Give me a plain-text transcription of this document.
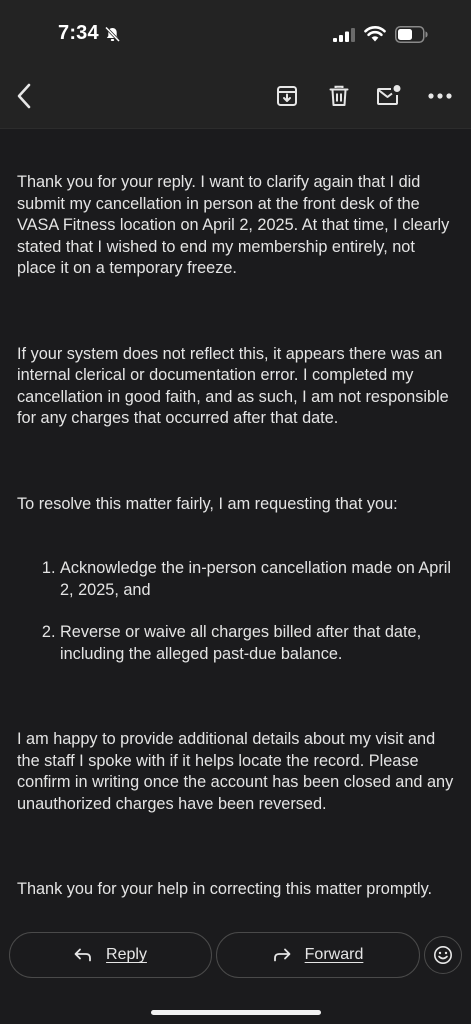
7:34

Thank you for your reply. I want to clarify again that I did submit my cancellation in person at the front desk of the VASA Fitness location on April 2, 2025. At that time, I clearly stated that I wished to end my membership entirely, not place it on a temporary freeze.

If your system does not reflect this, it appears there was an internal clerical or documentation error. I completed my cancellation in good faith, and as such, I am not responsible for any charges that occurred after that date.

To resolve this matter fairly, I am requesting that you:

1. Acknowledge the in-person cancellation made on April 2, 2025, and
2. Reverse or waive all charges billed after that date, including the alleged past-due balance.

I am happy to provide additional details about my visit and the staff I spoke with if it helps locate the record. Please confirm in writing once the account has been closed and any unauthorized charges have been reversed.

Thank you for your help in correcting this matter promptly.

Reply	Forward
